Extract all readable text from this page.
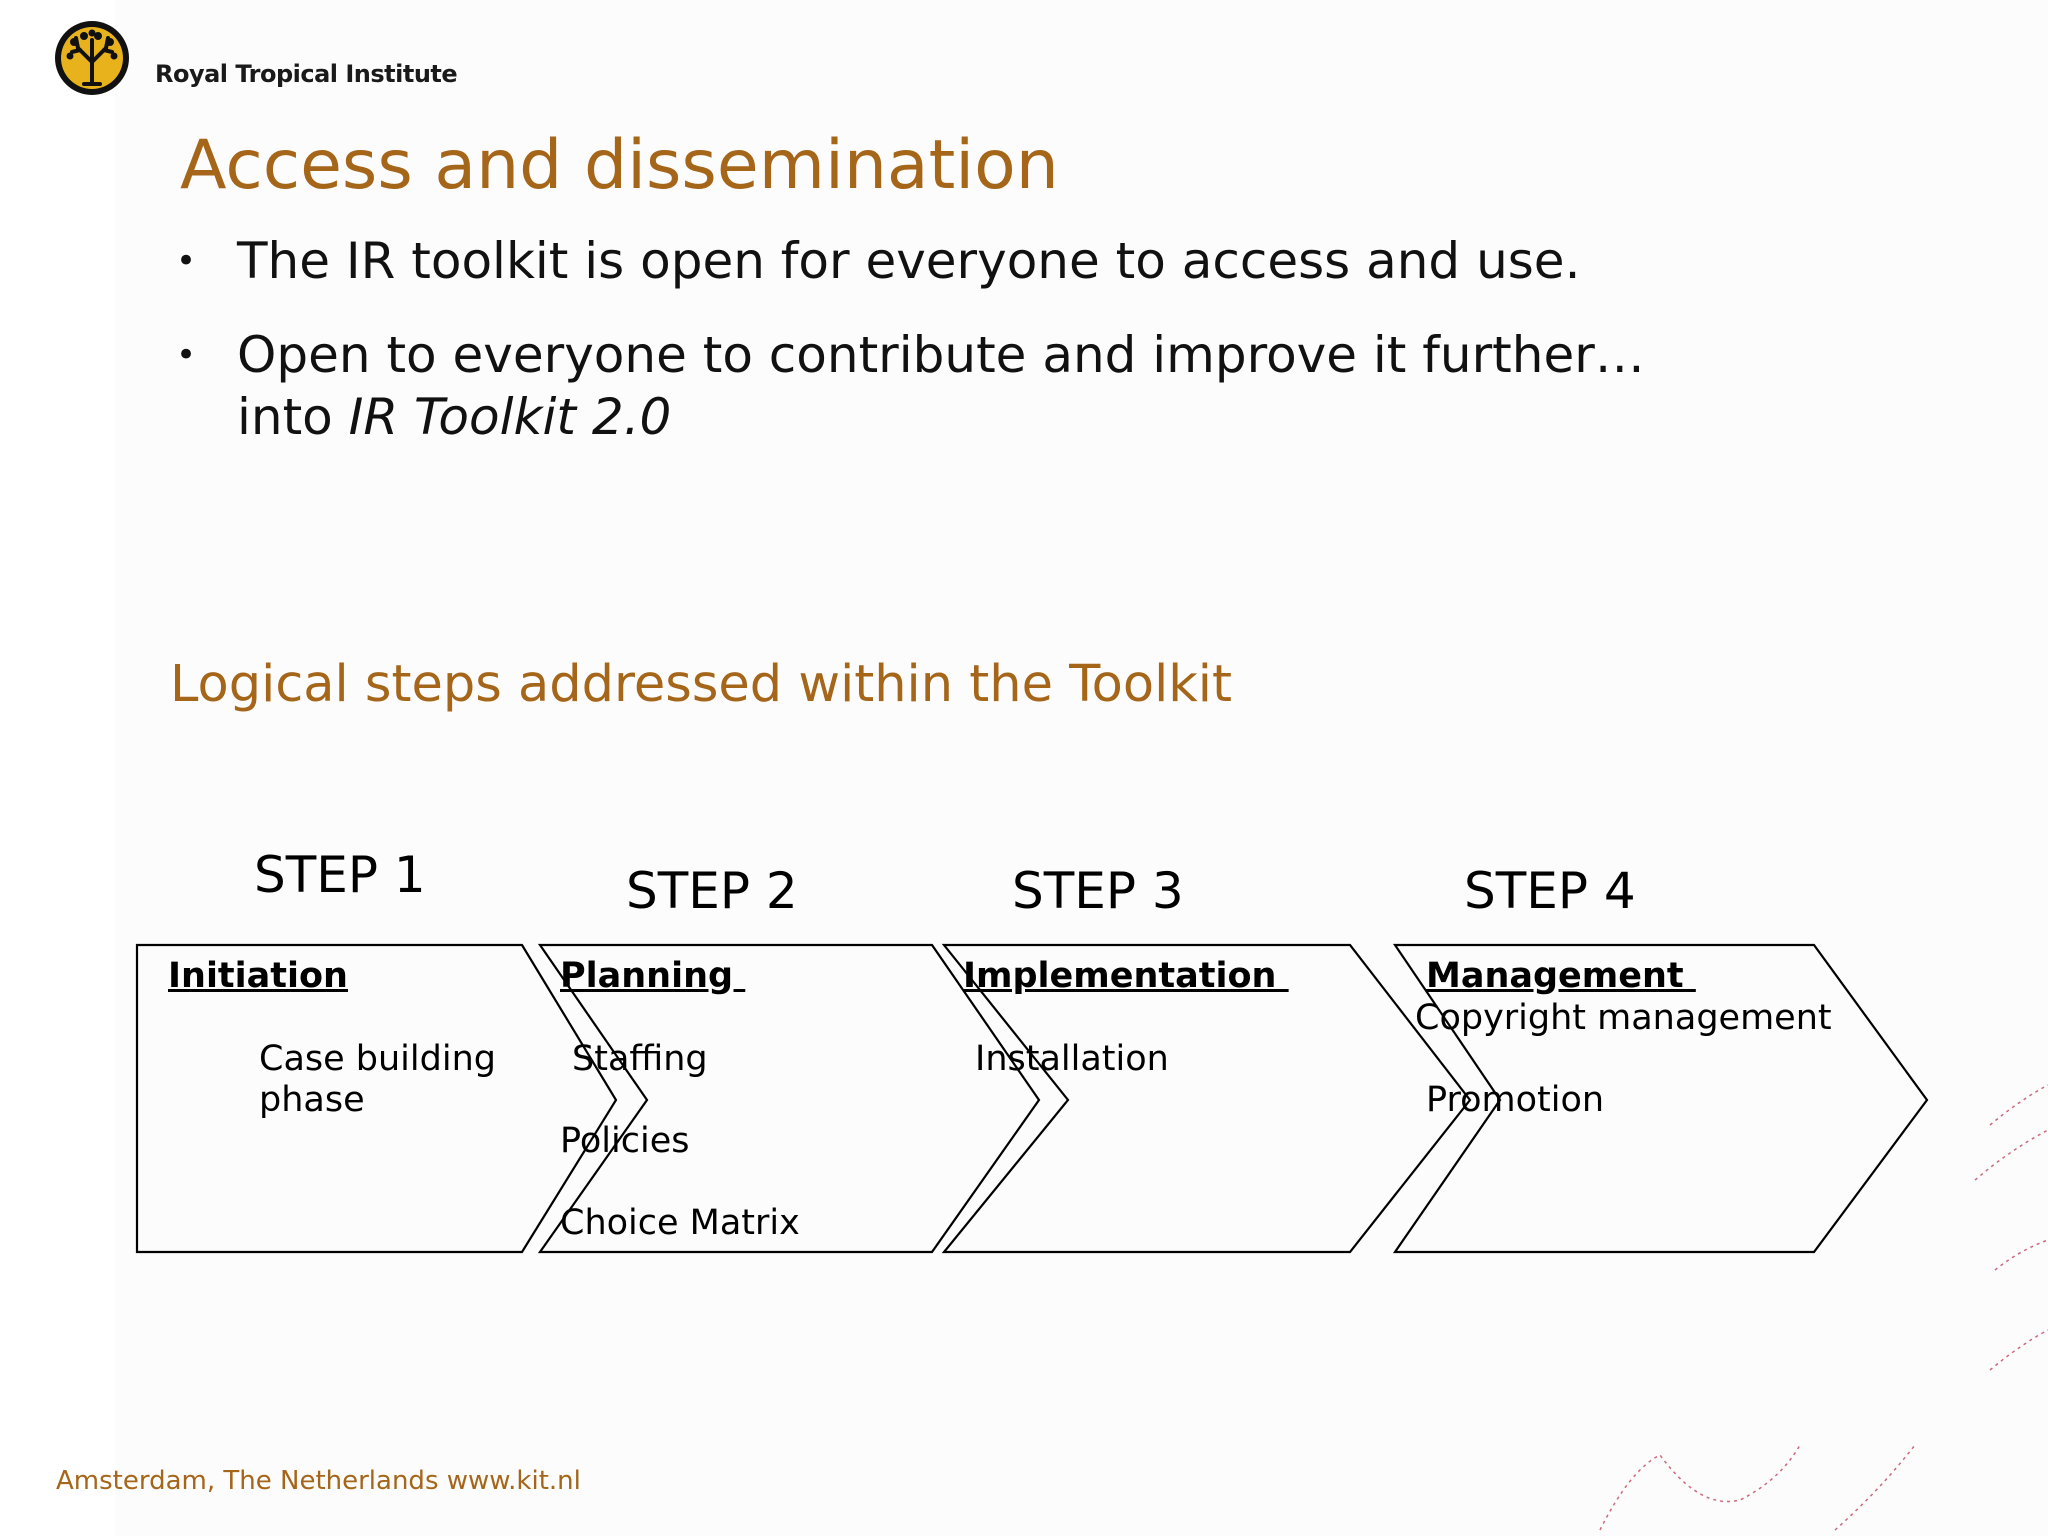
Royal Tropical Institute
Access and dissemination
• The IR toolkit is open for everyone to access and use.
• Open to everyone to contribute and improve it further…
into IR Toolkit 2.0
Logical steps addressed within the Toolkit
STEP 1	STEP 2	STEP 3	STEP 4
Initiation
Case building
phase
Planning
Staffing
Policies
Choice Matrix
Implementation
Installation
Management
Copyright management
Promotion
Amsterdam, The Netherlands www.kit.nl
